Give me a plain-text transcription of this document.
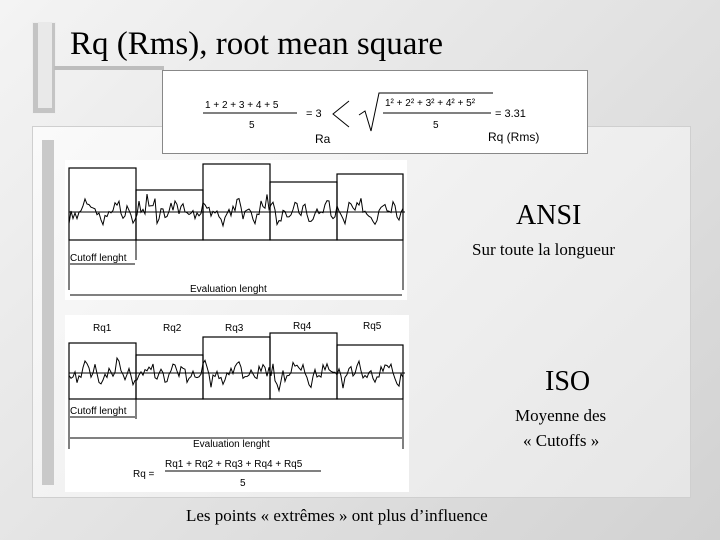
Rq (Rms), root mean square
1 + 2 + 3 + 4 + 5
5
= 3
Ra
1² + 2² + 3² + 4² + 5²
5
= 3.31
Rq (Rms)
Cutoff lenght
Evaluation lenght
Rq1	Rq2	Rq3	Rq4	Rq5
Cutoff lenght
Evaluation lenght
Rq =
Rq1 + Rq2 + Rq3 + Rq4 + Rq5
5
ANSI
Sur toute la longueur
ISO
Moyenne des
« Cutoffs »
Les points « extrêmes » ont plus d’influence
